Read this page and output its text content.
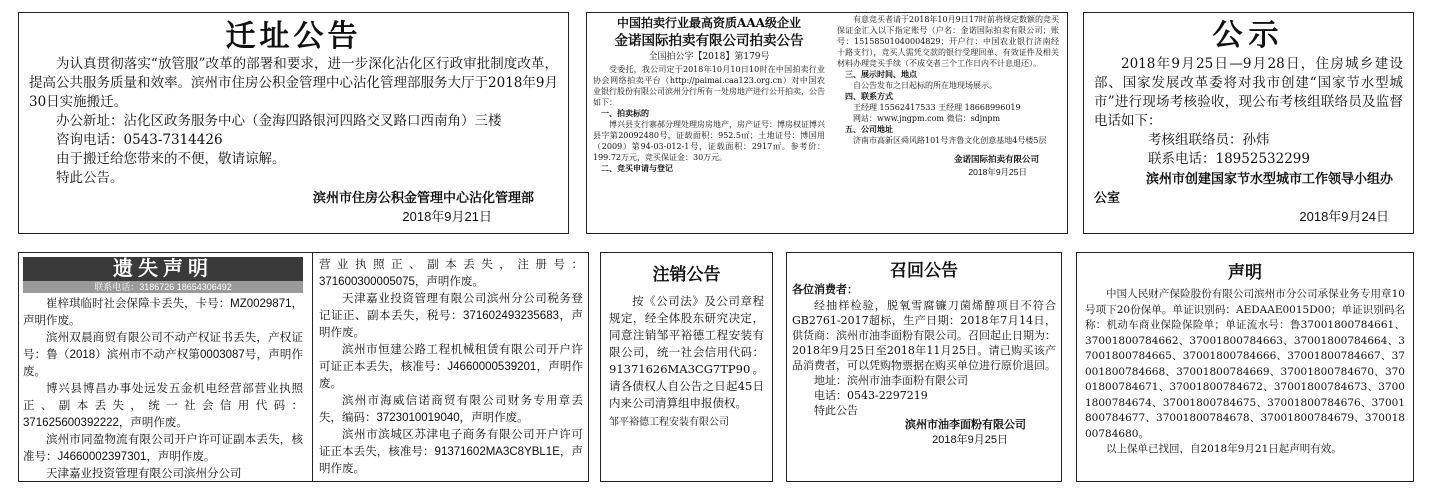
迁址公告

为认真贯彻落实“放管服”改革的部署和要求，进一步深化沾化区行政审批制度改革，提高公共服务质量和效率。滨州市住房公积金管理中心沾化管理部服务大厅于2018年9月30日实施搬迁。

办公新址：沾化区政务服务中心（金海四路银河四路交叉路口西南角）三楼

咨询电话：0543-7314426

由于搬迁给您带来的不便，敬请谅解。

特此公告。

滨州市住房公积金管理中心沾化管理部

2018年9月21日

中国拍卖行业最高资质AAA级企业
金诺国际拍卖有限公司拍卖公告
全国拍公字【2018】第179号

受委托，我公司定于2018年10月10日10时在中国拍卖行业协会网络拍卖平台（http://paimai.caa123.org.cn）对中国农业银行股份有限公司滨州分行所有一处房地产进行公开拍卖，公告如下：

一、拍卖标的

博兴县支行寨郝分理处理房房地产，房产证号：博房权证博兴县字第20092480号，证载面积：952.5㎡；土地证号：博国用（2009）第94-03-012-1号，证载面积：2917㎡。参考价：199.72万元，竞买保证金：30万元。

二、竞买申请与登记

有意竞买者请于2018年10月9日17时前将规定数额的竞买保证金汇入以下指定账号（户名：金诺国际拍卖有限公司；账号：15158501040004829；开户行：中国农业银行济南经十路支行），竞买人需凭交款的银行受理回单、有效证件及相关材料办理竞买手续（不成交者三个工作日内不计息退还）。

三、展示时间、地点

自公告发布之日起标的所在地现场展示。

四、联系方式

王经理 15562417533 王经理 18668996019

网站：www.jngpm.com 微信：sdjnpm

五、公司地址

济南市高新区舜风路101号齐鲁文化创意基地4号楼5层

金诺国际拍卖有限公司

2018年9月25日

公示

2018年9月25日—9月28日，住房城乡建设部、国家发展改革委将对我市创建“国家节水型城市”进行现场考核验收，现公布考核组联络员及监督电话如下：

考核组联络员：孙炜

联系电话：18952532299

滨州市创建国家节水型城市工作领导小组办公室

2018年9月24日

遗失声明
联系电话：3186726 18654306492

崔梓琪临时社会保障卡丢失，卡号：MZ0029871，声明作废。

滨州双晨商贸有限公司不动产权证书丢失，产权证号：鲁（2018）滨州市不动产权第0003087号，声明作废。

博兴县博昌办事处远发五金机电经营部营业执照正、副本丢失，统一社会信用代码：371625600392222，声明作废。

滨州市同盈物流有限公司开户许可证副本丢失，核准号：J4660002397301，声明作废。

天津嘉业投资管理有限公司滨州分公司

营业执照正、副本丢失，注册号：371600300005075，声明作废。

天津嘉业投资管理有限公司滨州分公司税务登记证正、副本丢失，税号：371602493235683，声明作废。

滨州市恒建公路工程机械租赁有限公司开户许可证正本丢失，核准号：J4660000539201，声明作废。

滨州市海威信诺商贸有限公司财务专用章丢失，编码：3723010019040，声明作废。

滨州市滨城区苏津电子商务有限公司开户许可证正本丢失，核准号：91371602MA3C8YBL1E，声明作废。

注销公告

按《公司法》及公司章程规定，经全体股东研究决定，同意注销邹平裕德工程安装有限公司，统一社会信用代码：91371626MA3CG7TP90。请各债权人自公告之日起45日内来公司清算组申报债权。

邹平裕德工程安装有限公司

召回公告

各位消费者：

经抽样检验，脱氧雪腐镰刀菌烯醇项目不符合GB2761-2017超标，生产日期：2018年7月14日，供货商：滨州市油李面粉有限公司。召回起止日期为：2018年9月25日至2018年11月25日。请已购买该产品消费者，可以凭购物票据在购买单位进行原价退回。

地址：滨州市油李面粉有限公司

电话：0543-2297219

特此公告

滨州市油李面粉有限公司

2018年9月25日

声明

中国人民财产保险股份有限公司滨州市分公司承保业务专用章10号项下20份保单。单证识别码：AEDAAE0015D00；单证识别码名称：机动车商业保险保险单；单证流水号：鲁37001800784661、37001800784662、37001800784663、37001800784664、37001800784665、37001800784666、37001800784667、37001800784668、37001800784669、37001800784670、37001800784671、37001800784672、37001800784673、37001800784674、37001800784675、37001800784676、37001800784677、37001800784678、37001800784679、37001800784680。

以上保单已找回，自2018年9月21日起声明有效。
